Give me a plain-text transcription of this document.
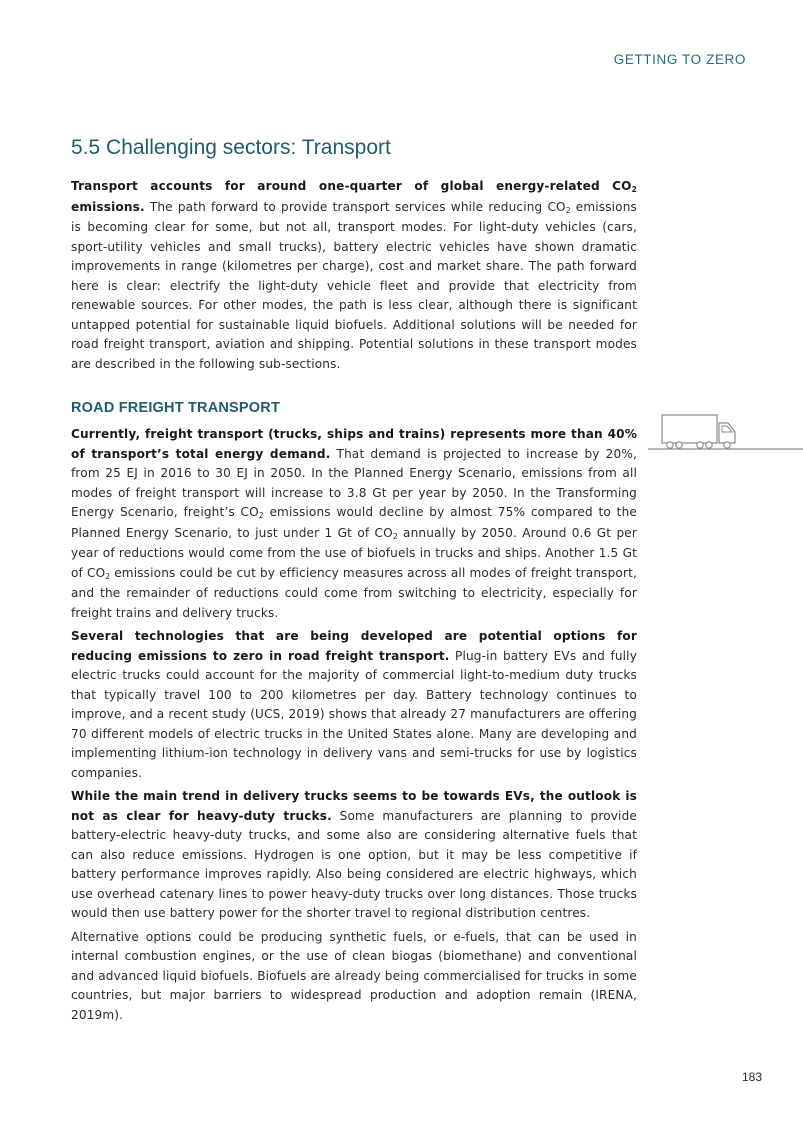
GETTING TO ZERO
5.5 Challenging sectors: Transport

Transport accounts for around one-quarter of global energy-related CO2 emissions. The path forward to provide transport services while reducing CO2 emissions is becoming clear for some, but not all, transport modes. For light-duty vehicles (cars, sport-utility vehicles and small trucks), battery electric vehicles have shown dramatic improvements in range (kilometres per charge), cost and market share. The path forward here is clear: electrify the light-duty vehicle fleet and provide that electricity from renewable sources. For other modes, the path is less clear, although there is significant untapped potential for sustainable liquid biofuels. Additional solutions will be needed for road freight transport, aviation and shipping. Potential solutions in these transport modes are described in the following sub-sections.

ROAD FREIGHT TRANSPORT

Currently, freight transport (trucks, ships and trains) represents more than 40% of transport’s total energy demand. That demand is projected to increase by 20%, from 25 EJ in 2016 to 30 EJ in 2050. In the Planned Energy Scenario, emissions from all modes of freight transport will increase to 3.8 Gt per year by 2050. In the Transforming Energy Scenario, freight’s CO2 emissions would decline by almost 75% compared to the Planned Energy Scenario, to just under 1 Gt of CO2 annually by 2050. Around 0.6 Gt per year of reductions would come from the use of biofuels in trucks and ships. Another 1.5 Gt of CO2 emissions could be cut by efficiency measures across all modes of freight transport, and the remainder of reductions could come from switching to electricity, especially for freight trains and delivery trucks.

Several technologies that are being developed are potential options for reducing emissions to zero in road freight transport. Plug-in battery EVs and fully electric trucks could account for the majority of commercial light-to-medium duty trucks that typically travel 100 to 200 kilometres per day. Battery technology continues to improve, and a recent study (UCS, 2019) shows that already 27 manufacturers are offering 70 different models of electric trucks in the United States alone. Many are developing and implementing lithium-ion technology in delivery vans and semi-trucks for use by logistics companies.

While the main trend in delivery trucks seems to be towards EVs, the outlook is not as clear for heavy-duty trucks. Some manufacturers are planning to provide battery-electric heavy-duty trucks, and some also are considering alternative fuels that can also reduce emissions. Hydrogen is one option, but it may be less competitive if battery performance improves rapidly. Also being considered are electric highways, which use overhead catenary lines to power heavy-duty trucks over long distances. Those trucks would then use battery power for the shorter travel to regional distribution centres.

Alternative options could be producing synthetic fuels, or e-fuels, that can be used in internal combustion engines, or the use of clean biogas (biomethane) and conventional and advanced liquid biofuels. Biofuels are already being commercialised for trucks in some countries, but major barriers to widespread production and adoption remain (IRENA, 2019m).

183
